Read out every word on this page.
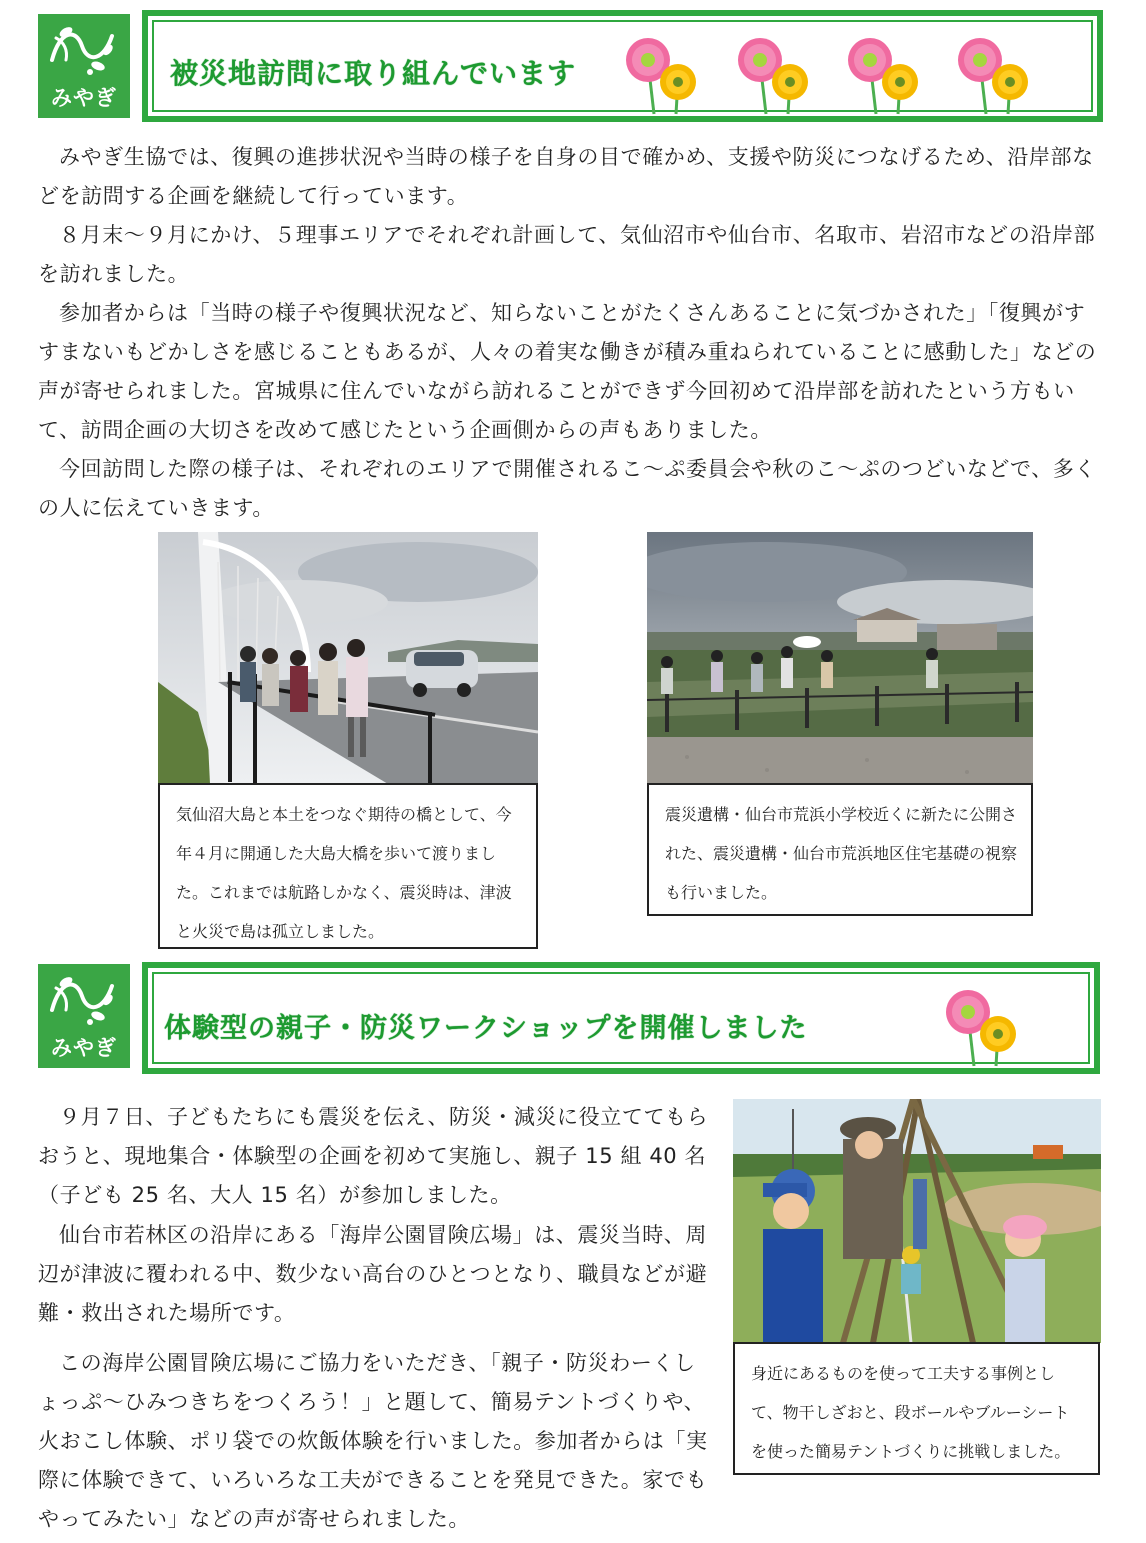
みやぎ
被災地訪問に取り組んでいます

みやぎ生協では、復興の進捗状況や当時の様子を自身の目で確かめ、支援や防災につなげるため、沿岸部などを訪問する企画を継続して行っています。

８月末〜９月にかけ、５理事エリアでそれぞれ計画して、気仙沼市や仙台市、名取市、岩沼市などの沿岸部を訪れました。

参加者からは「当時の様子や復興状況など、知らないことがたくさんあることに気づかされた」「復興がすすまないもどかしさを感じることもあるが、人々の着実な働きが積み重ねられていることに感動した」などの声が寄せられました。宮城県に住んでいながら訪れることができず今回初めて沿岸部を訪れたという方もいて、訪問企画の大切さを改めて感じたという企画側からの声もありました。

今回訪問した際の様子は、それぞれのエリアで開催されるこ〜ぷ委員会や秋のこ〜ぷのつどいなどで、多くの人に伝えていきます。

気仙沼大島と本土をつなぐ期待の橋として、今年４月に開通した大島大橋を歩いて渡りました。これまでは航路しかなく、震災時は、津波と火災で島は孤立しました。

震災遺構・仙台市荒浜小学校近くに新たに公開された、震災遺構・仙台市荒浜地区住宅基礎の視察も行いました。

みやぎ
体験型の親子・防災ワークショップを開催しました

９月７日、子どもたちにも震災を伝え、防災・減災に役立ててもらおうと、現地集合・体験型の企画を初めて実施し、親子 15 組 40 名（子ども 25 名、大人 15 名）が参加しました。

仙台市若林区の沿岸にある「海岸公園冒険広場」は、震災当時、周辺が津波に覆われる中、数少ない高台のひとつとなり、職員などが避難・救出された場所です。

この海岸公園冒険広場にご協力をいただき、「親子・防災わーくしょっぷ〜ひみつきちをつくろう！」と題して、簡易テントづくりや、火おこし体験、ポリ袋での炊飯体験を行いました。参加者からは「実際に体験できて、いろいろな工夫ができることを発見できた。家でもやってみたい」などの声が寄せられました。

身近にあるものを使って工夫する事例として、物干しざおと、段ボールやブルーシートを使った簡易テントづくりに挑戦しました。
